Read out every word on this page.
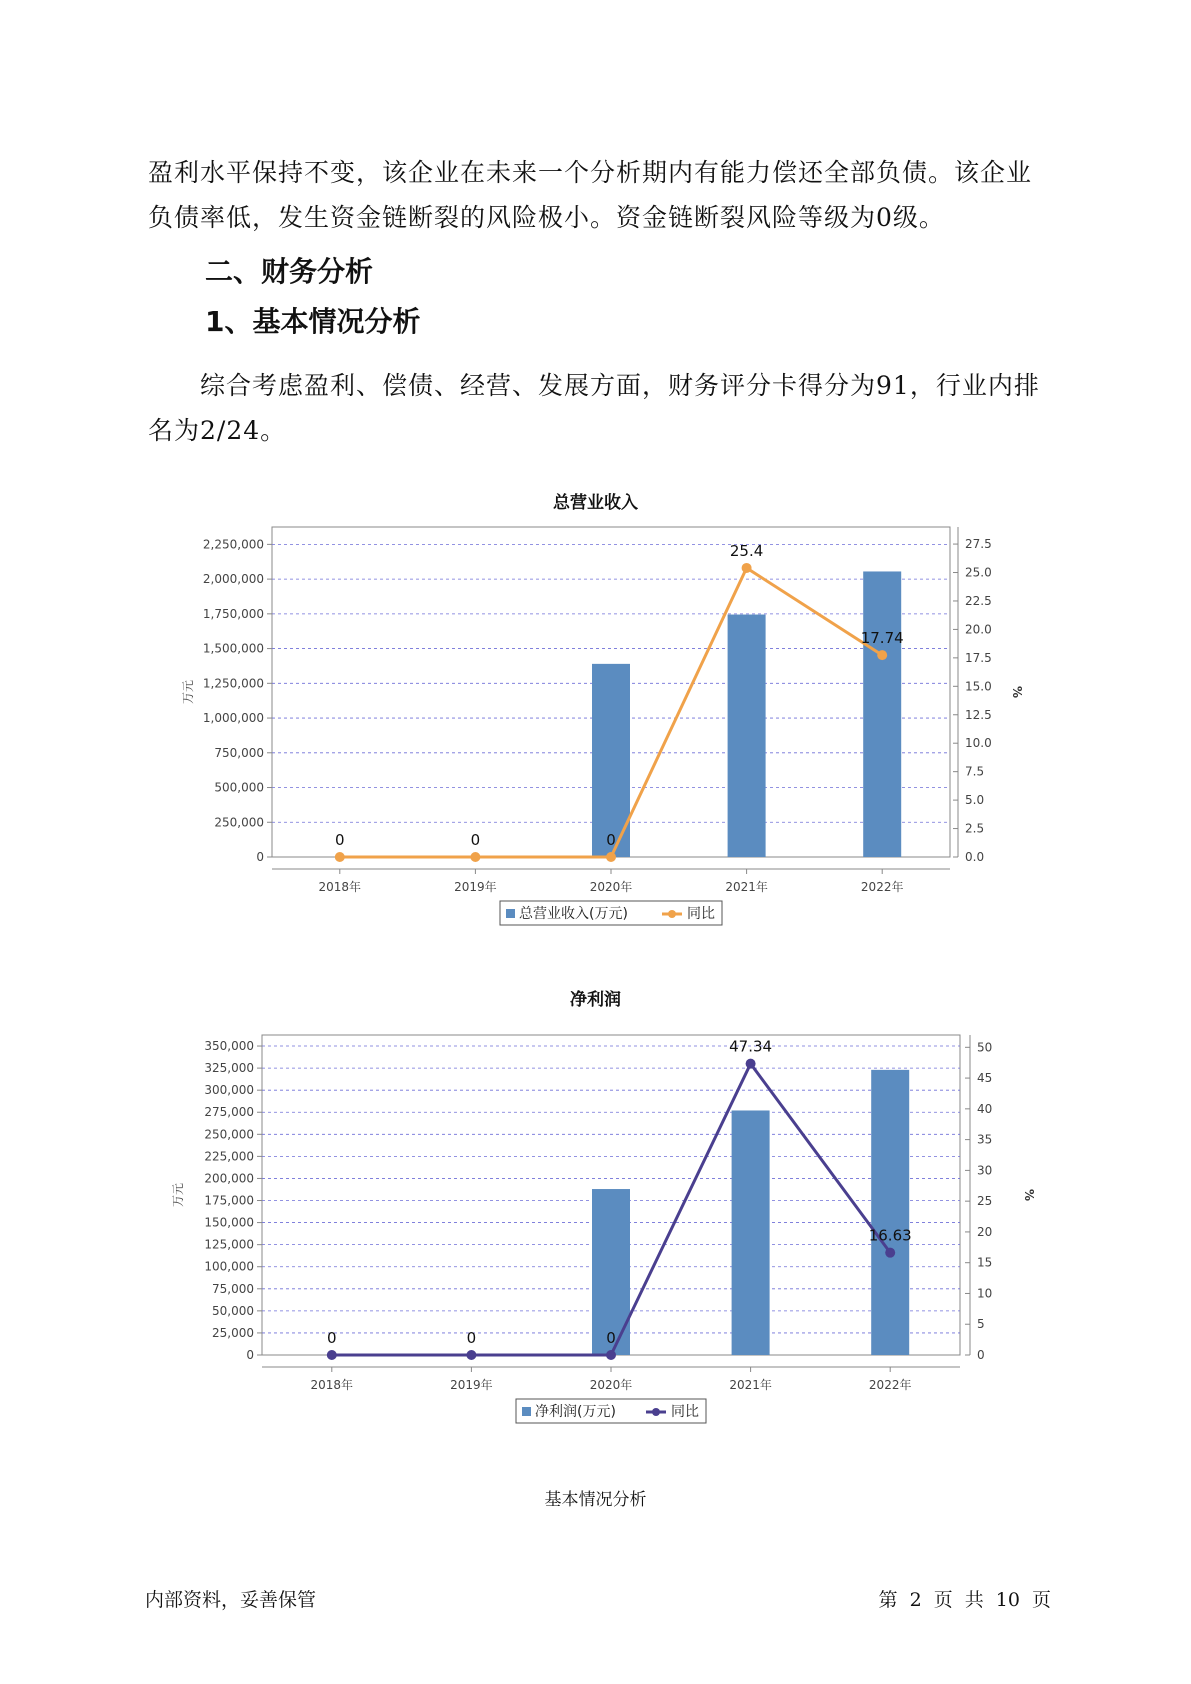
盈利水平保持不变，该企业在未来一个分析期内有能力偿还全部负债。该企业负债率低，发生资金链断裂的风险极小。资金链断裂风险等级为0级。

二、财务分析
1、基本情况分析

综合考虑盈利、偿债、经营、发展方面，财务评分卡得分为91，行业内排名为2/24。

总营业收入
0
250,000
500,000
750,000
1,000,000
1,250,000
1,500,000
1,750,000
2,000,000
2,250,000
0.0
2.5
5.0
7.5
10.0
12.5
15.0
17.5
20.0
22.5
25.0
27.5
万元	%
2018年	2019年	2020年	2021年	2022年
0	0	0
25.4
17.74
总营业收入(万元)	同比
净利润
0
25,000
50,000
75,000
100,000
125,000
150,000
175,000
200,000
225,000
250,000
275,000
300,000
325,000
350,000
0
5
10
15
20
25
30
35
40
45
50
万元	%
2018年	2019年	2020年	2021年	2022年
0	0	0
47.34
16.63
净利润(万元)	同比
基本情况分析
内部资料，妥善保管	第 2 页 共 10 页
